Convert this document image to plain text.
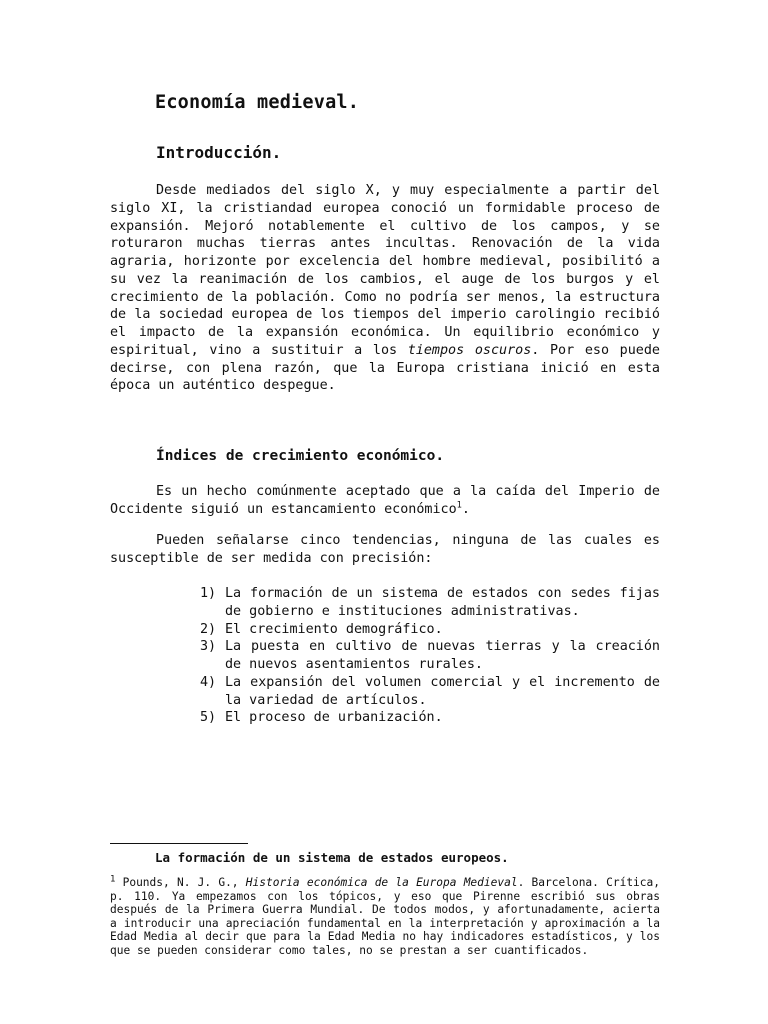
Economía medieval.
Introducción.

Desde mediados del siglo X, y muy especialmente a partir del siglo XI, la cristiandad europea conoció un formidable proceso de expansión. Mejoró notablemente el cultivo de los campos, y se roturaron muchas tierras antes incultas. Renovación de la vida agraria, horizonte por excelencia del hombre medieval, posibilitó a su vez la reanimación de los cambios, el auge de los burgos y el crecimiento de la población. Como no podría ser menos, la estructura de la sociedad europea de los tiempos del imperio carolingio recibió el impacto de la expansión económica. Un equilibrio económico y espiritual, vino a sustituir a los tiempos oscuros. Por eso puede decirse, con plena razón, que la Europa cristiana inició en esta época un auténtico despegue.

Índices de crecimiento económico.

Es un hecho comúnmente aceptado que a la caída del Imperio de Occidente siguió un estancamiento económico$^1$.

Pueden señalarse cinco tendencias, ninguna de las cuales es susceptible de ser medida con precisión:

1) La formación de un sistema de estados con sedes fijas de gobierno e instituciones administrativas.
2) El crecimiento demográfico.
3) La puesta en cultivo de nuevas tierras y la creación de nuevos asentamientos rurales.
4) La expansión del volumen comercial y el incremento de la variedad de artículos.
5) El proceso de urbanización.
La formación de un sistema de estados europeos.

$^1$ Pounds, N. J. G., Historia económica de la Europa Medieval. Barcelona. Crítica, p. 110. Ya empezamos con los tópicos, y eso que Pirenne escribió sus obras después de la Primera Guerra Mundial. De todos modos, y afortunadamente, acierta a introducir una apreciación fundamental en la interpretación y aproximación a la Edad Media al decir que para la Edad Media no hay indicadores estadísticos, y los que se pueden considerar como tales, no se prestan a ser cuantificados.
